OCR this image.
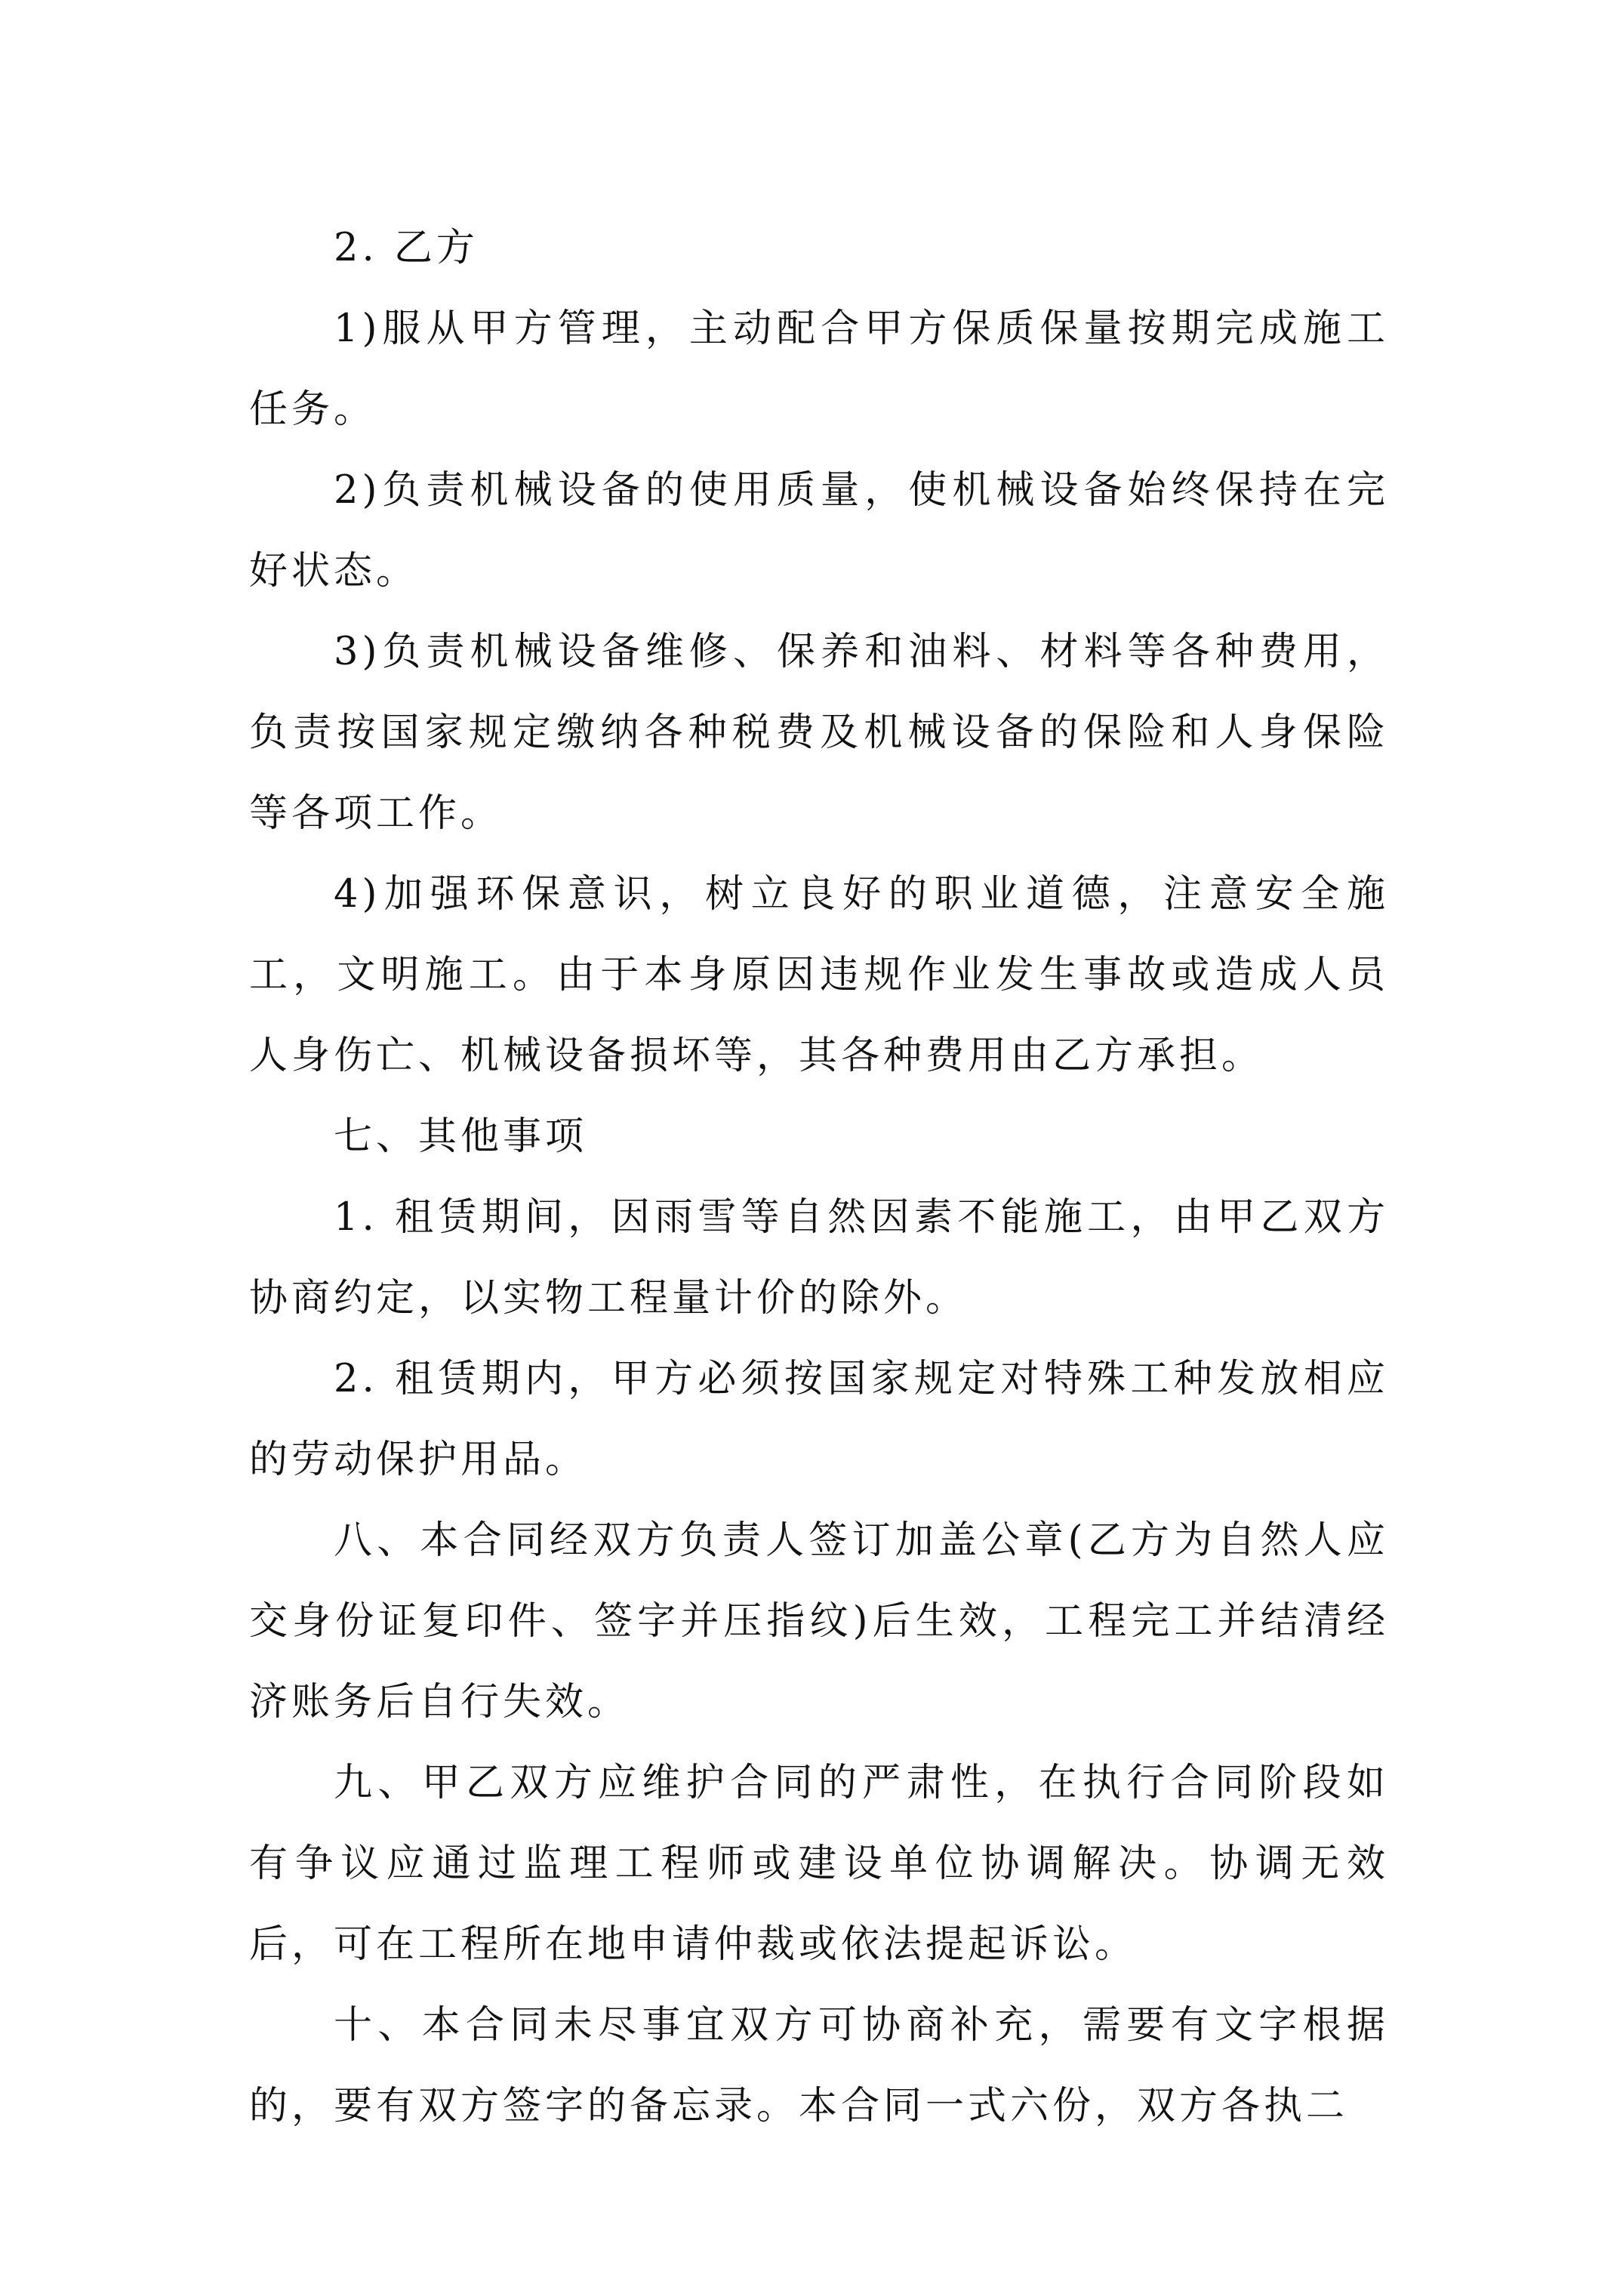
2. 乙方

1)服从甲方管理，主动配合甲方保质保量按期完成施工任务。

2)负责机械设备的使用质量，使机械设备始终保持在完好状态。

3)负责机械设备维修、保养和油料、材料等各种费用，负责按国家规定缴纳各种税费及机械设备的保险和人身保险等各项工作。

4)加强环保意识，树立良好的职业道德，注意安全施工，文明施工。由于本身原因违规作业发生事故或造成人员人身伤亡、机械设备损坏等，其各种费用由乙方承担。

七、其他事项

1. 租赁期间，因雨雪等自然因素不能施工，由甲乙双方协商约定，以实物工程量计价的除外。

2. 租赁期内，甲方必须按国家规定对特殊工种发放相应的劳动保护用品。

八、本合同经双方负责人签订加盖公章(乙方为自然人应交身份证复印件、签字并压指纹)后生效，工程完工并结清经济账务后自行失效。

九、甲乙双方应维护合同的严肃性，在执行合同阶段如有争议应通过监理工程师或建设单位协调解决。协调无效后，可在工程所在地申请仲裁或依法提起诉讼。

十、本合同未尽事宜双方可协商补充，需要有文字根据的，要有双方签字的备忘录。本合同一式六份，双方各执二
